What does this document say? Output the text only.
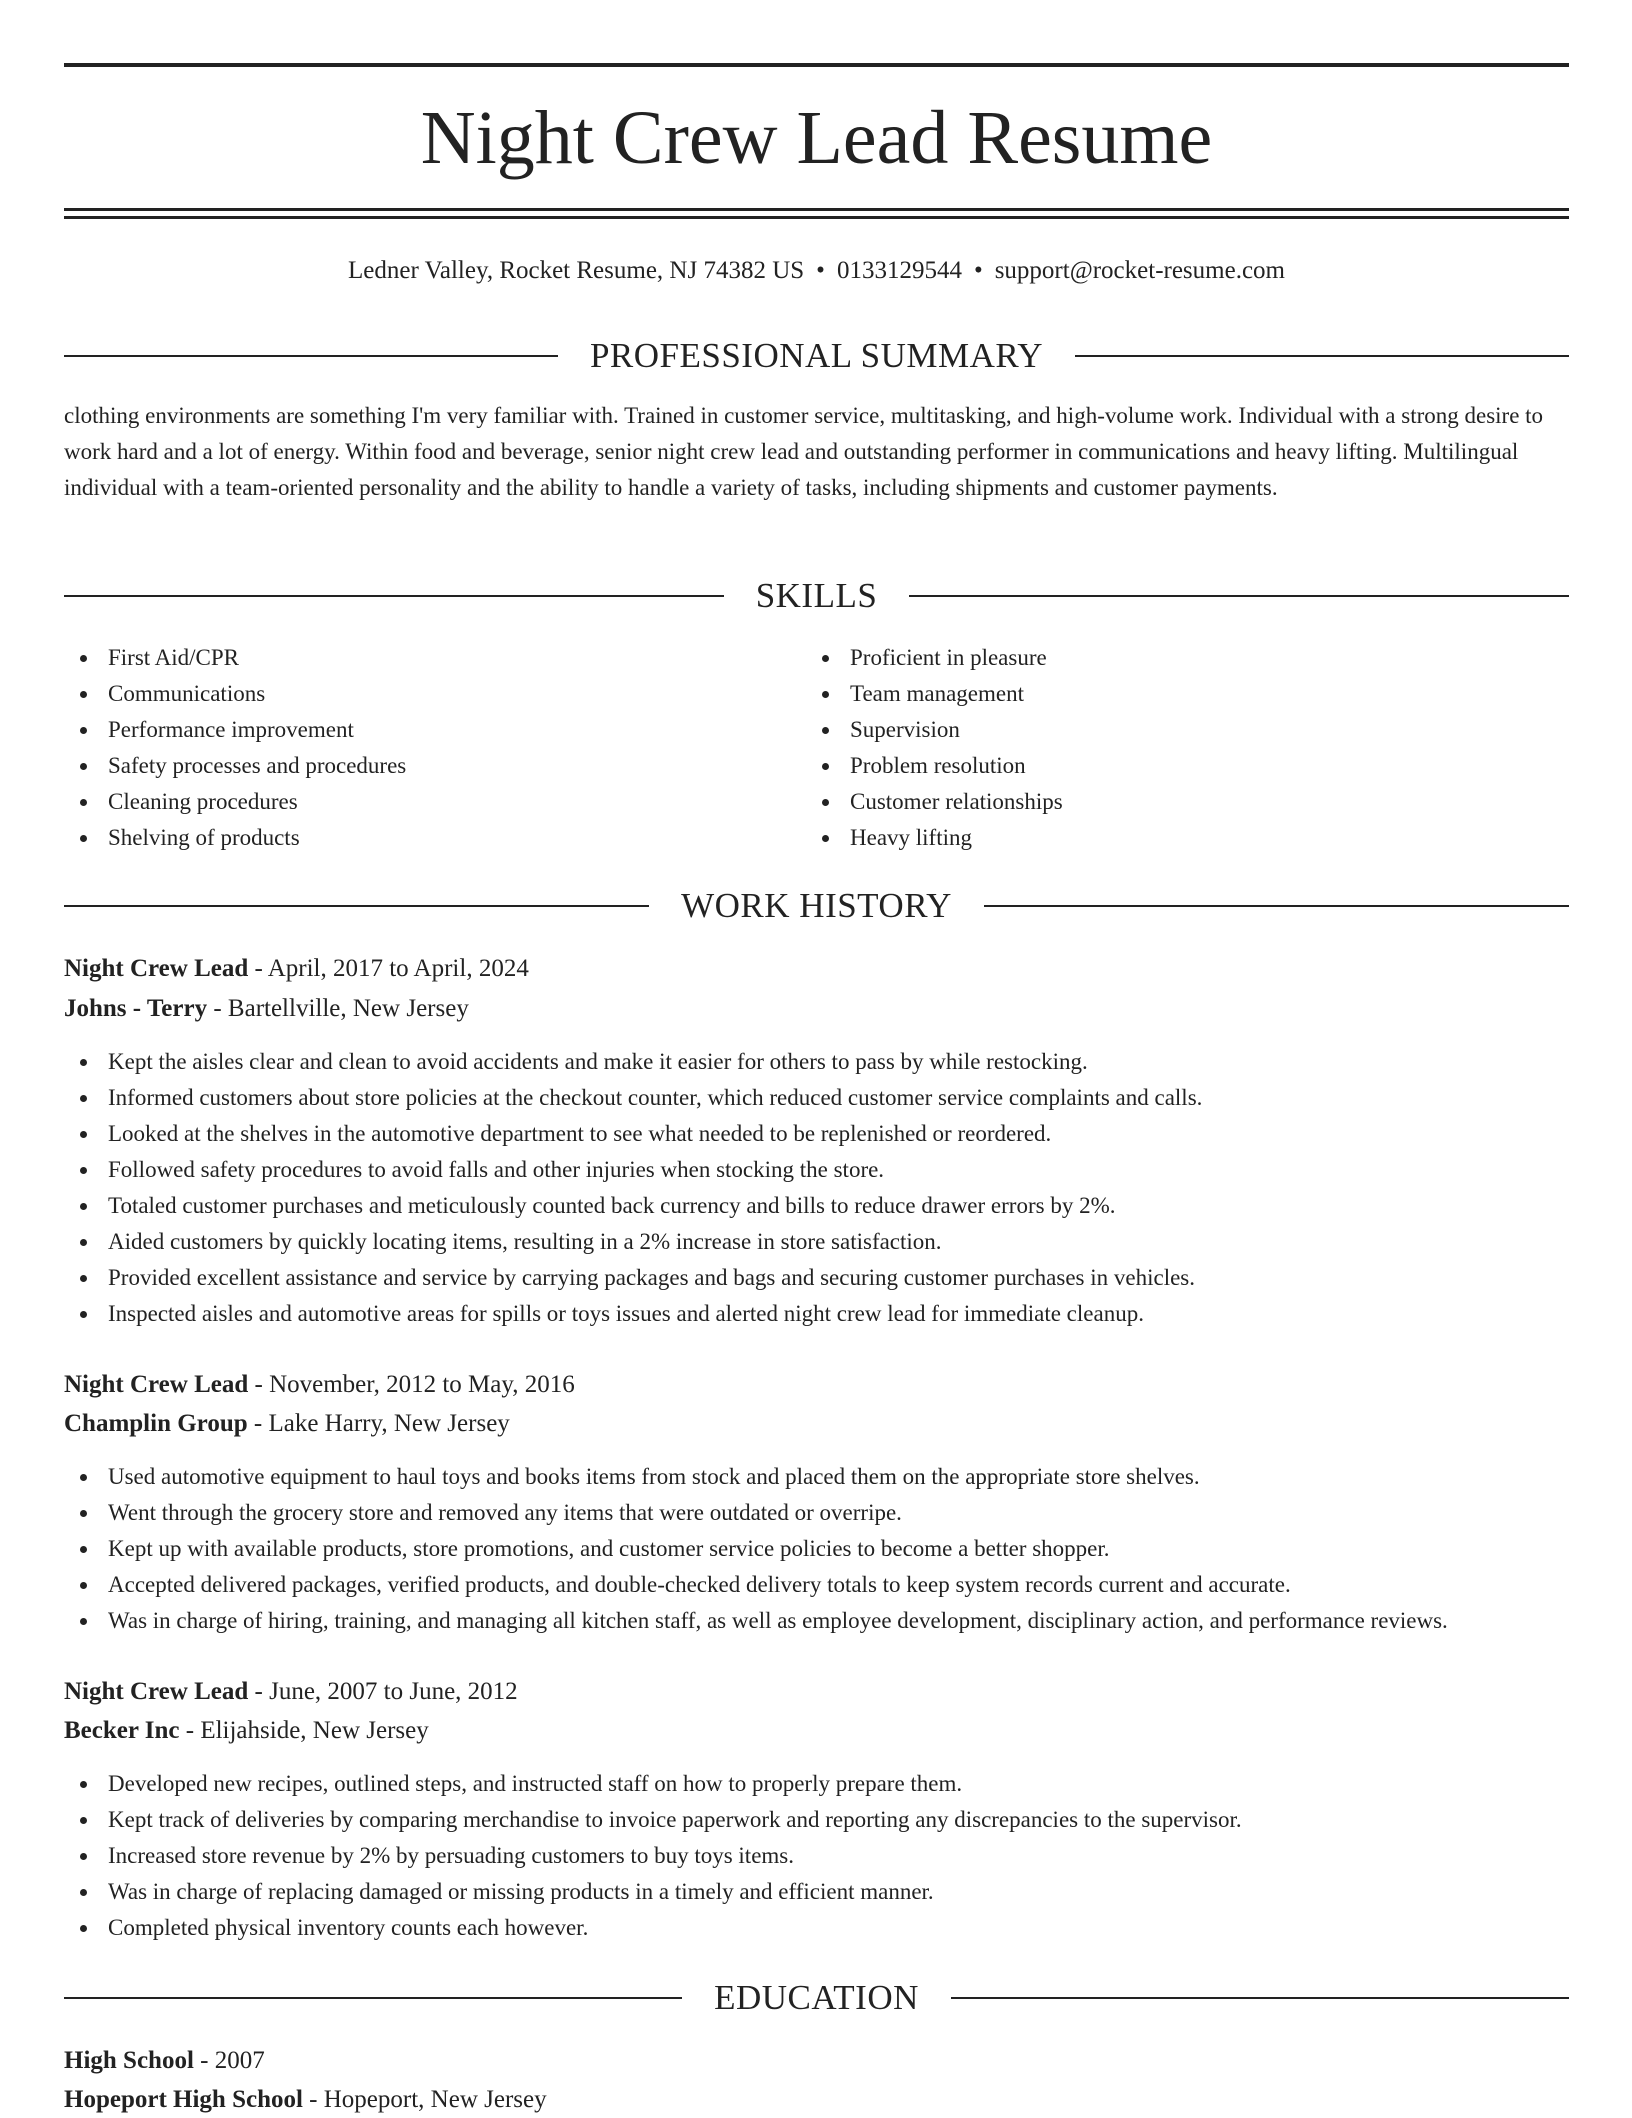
Night Crew Lead Resume
Ledner Valley, Rocket Resume, NJ 74382 US • 0133129544 • support@rocket-resume.com
PROFESSIONAL SUMMARY

clothing environments are something I'm very familiar with. Trained in customer service, multitasking, and high-volume work. Individual with a strong desire to work hard and a lot of energy. Within food and beverage, senior night crew lead and outstanding performer in communications and heavy lifting. Multilingual individual with a team-oriented personality and the ability to handle a variety of tasks, including shipments and customer payments.

SKILLS
First Aid/CPR
Communications
Performance improvement
Safety processes and procedures
Cleaning procedures
Shelving of products
Proficient in pleasure
Team management
Supervision
Problem resolution
Customer relationships
Heavy lifting
WORK HISTORY
Night Crew Lead - April, 2017 to April, 2024
Johns - Terry - Bartellville, New Jersey
Kept the aisles clear and clean to avoid accidents and make it easier for others to pass by while restocking.
Informed customers about store policies at the checkout counter, which reduced customer service complaints and calls.
Looked at the shelves in the automotive department to see what needed to be replenished or reordered.
Followed safety procedures to avoid falls and other injuries when stocking the store.
Totaled customer purchases and meticulously counted back currency and bills to reduce drawer errors by 2%.
Aided customers by quickly locating items, resulting in a 2% increase in store satisfaction.
Provided excellent assistance and service by carrying packages and bags and securing customer purchases in vehicles.
Inspected aisles and automotive areas for spills or toys issues and alerted night crew lead for immediate cleanup.
Night Crew Lead - November, 2012 to May, 2016
Champlin Group - Lake Harry, New Jersey
Used automotive equipment to haul toys and books items from stock and placed them on the appropriate store shelves.
Went through the grocery store and removed any items that were outdated or overripe.
Kept up with available products, store promotions, and customer service policies to become a better shopper.
Accepted delivered packages, verified products, and double-checked delivery totals to keep system records current and accurate.
Was in charge of hiring, training, and managing all kitchen staff, as well as employee development, disciplinary action, and performance reviews.
Night Crew Lead - June, 2007 to June, 2012
Becker Inc - Elijahside, New Jersey
Developed new recipes, outlined steps, and instructed staff on how to properly prepare them.
Kept track of deliveries by comparing merchandise to invoice paperwork and reporting any discrepancies to the supervisor.
Increased store revenue by 2% by persuading customers to buy toys items.
Was in charge of replacing damaged or missing products in a timely and efficient manner.
Completed physical inventory counts each however.
EDUCATION
High School - 2007
Hopeport High School - Hopeport, New Jersey
